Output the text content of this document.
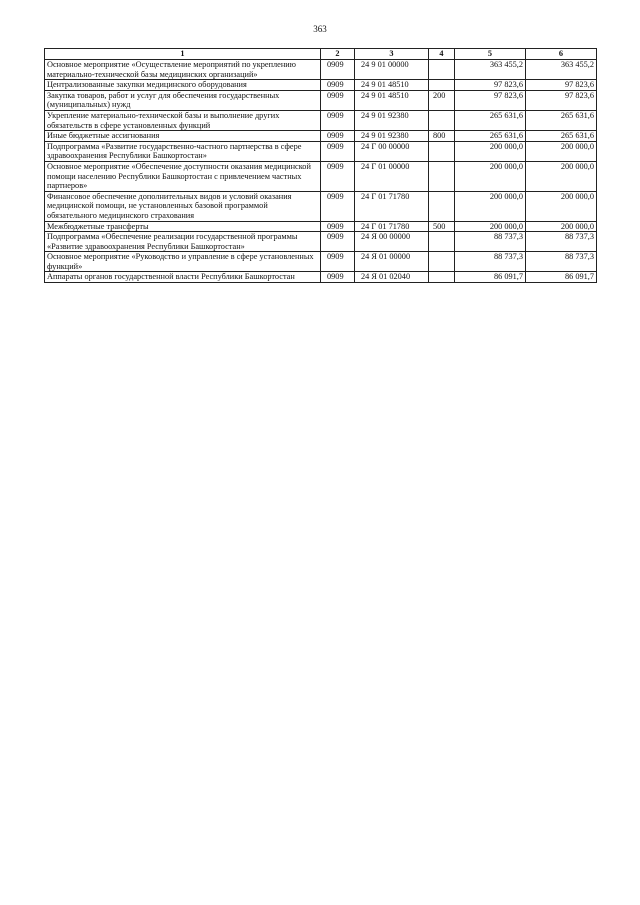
363
1	2	3	4	5	6
Основное мероприятие «Осуществление мероприятий по укреплению материально-технической базы медицинских организаций»	0909	24 9 01 00000		363 455,2	363 455,2
Централизованные закупки медицинского оборудования	0909	24 9 01 48510		97 823,6	97 823,6
Закупка товаров, работ и услуг для обеспечения государственных (муниципальных) нужд	0909	24 9 01 48510	200	97 823,6	97 823,6
Укрепление материально-технической базы и выполнение других обязательств в сфере установленных функций	0909	24 9 01 92380		265 631,6	265 631,6
Иные бюджетные ассигнования	0909	24 9 01 92380	800	265 631,6	265 631,6
Подпрограмма «Развитие государственно-частного партнерства в сфере здравоохранения Республики Башкортостан»	0909	24 Г 00 00000		200 000,0	200 000,0
Основное мероприятие «Обеспечение доступности оказания медицинской помощи населению Республики Башкортостан с привлечением частных партнеров»	0909	24 Г 01 00000		200 000,0	200 000,0
Финансовое обеспечение дополнительных видов и условий оказания медицинской помощи, не установленных базовой программой обязательного медицинского страхования	0909	24 Г 01 71780		200 000,0	200 000,0
Межбюджетные трансферты	0909	24 Г 01 71780	500	200 000,0	200 000,0
Подпрограмма «Обеспечение реализации государственной программы «Развитие здравоохранения Республики Башкортостан»	0909	24 Я 00 00000		88 737,3	88 737,3
Основное мероприятие «Руководство и управление в сфере установленных функций»	0909	24 Я 01 00000		88 737,3	88 737,3
Аппараты органов государственной власти Республики Башкортостан	0909	24 Я 01 02040		86 091,7	86 091,7
